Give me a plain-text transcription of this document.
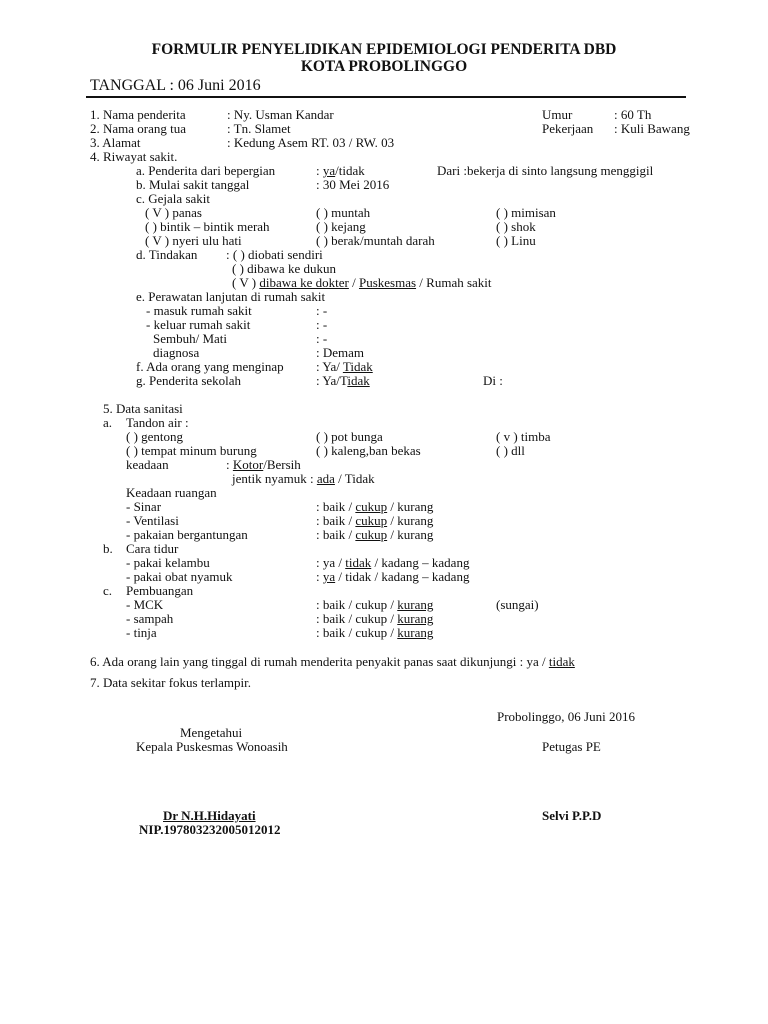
FORMULIR PENYELIDIKAN EPIDEMIOLOGI PENDERITA DBD
KOTA PROBOLINGGO
TANGGAL : 06 Juni 2016
1. Nama penderita	: Ny. Usman Kandar	Umur	: 60 Th
2. Nama orang tua	: Tn. Slamet	Pekerjaan : Kuli Bawang
3. Alamat	: Kedung Asem RT. 03 / RW. 03
4. Riwayat sakit.
a. Penderita dari bepergian	: ya/tidak	Dari :bekerja di sinto langsung menggigil
b. Mulai sakit tanggal	: 30 Mei 2016
c. Gejala sakit
( V ) panas	( ) muntah	( ) mimisan
( ) bintik – bintik merah	( ) kejang	( ) shok
( V ) nyeri ulu hati	( ) berak/muntah darah	( ) Linu
d. Tindakan : ( ) diobati sendiri
( ) dibawa ke dukun
( V ) dibawa ke dokter / Puskesmas / Rumah sakit
e. Perawatan lanjutan di rumah sakit
- masuk rumah sakit	: -
- keluar rumah sakit	: -
Sembuh/ Mati	: -
diagnosa	: Demam
f. Ada orang yang menginap : Ya/ Tidak
g. Penderita sekolah	: Ya/Tidak	Di :
5. Data sanitasi
a. Tandon air :
( ) gentong	( ) pot bunga	( v ) timba
( ) tempat minum burung	( ) kaleng,ban bekas	( ) dll
keadaan	: Kotor/Bersih
jentik nyamuk : ada / Tidak
Keadaan ruangan
- Sinar	: baik / cukup / kurang
- Ventilasi	: baik / cukup / kurang
- pakaian bergantungan	: baik / cukup / kurang
b. Cara tidur
- pakai kelambu	: ya / tidak / kadang – kadang
- pakai obat nyamuk	: ya / tidak / kadang – kadang
c. Pembuangan
- MCK	: baik / cukup / kurang	(sungai)
- sampah	: baik / cukup / kurang
- tinja	: baik / cukup / kurang
6. Ada orang lain yang tinggal di rumah menderita penyakit panas saat dikunjungi : ya / tidak
7. Data sekitar fokus terlampir.
Probolinggo, 06 Juni 2016
Mengetahui
Kepala Puskesmas Wonoasih	Petugas PE
Dr N.H.Hidayati
NIP.197803232005012012
Selvi P.P.D
